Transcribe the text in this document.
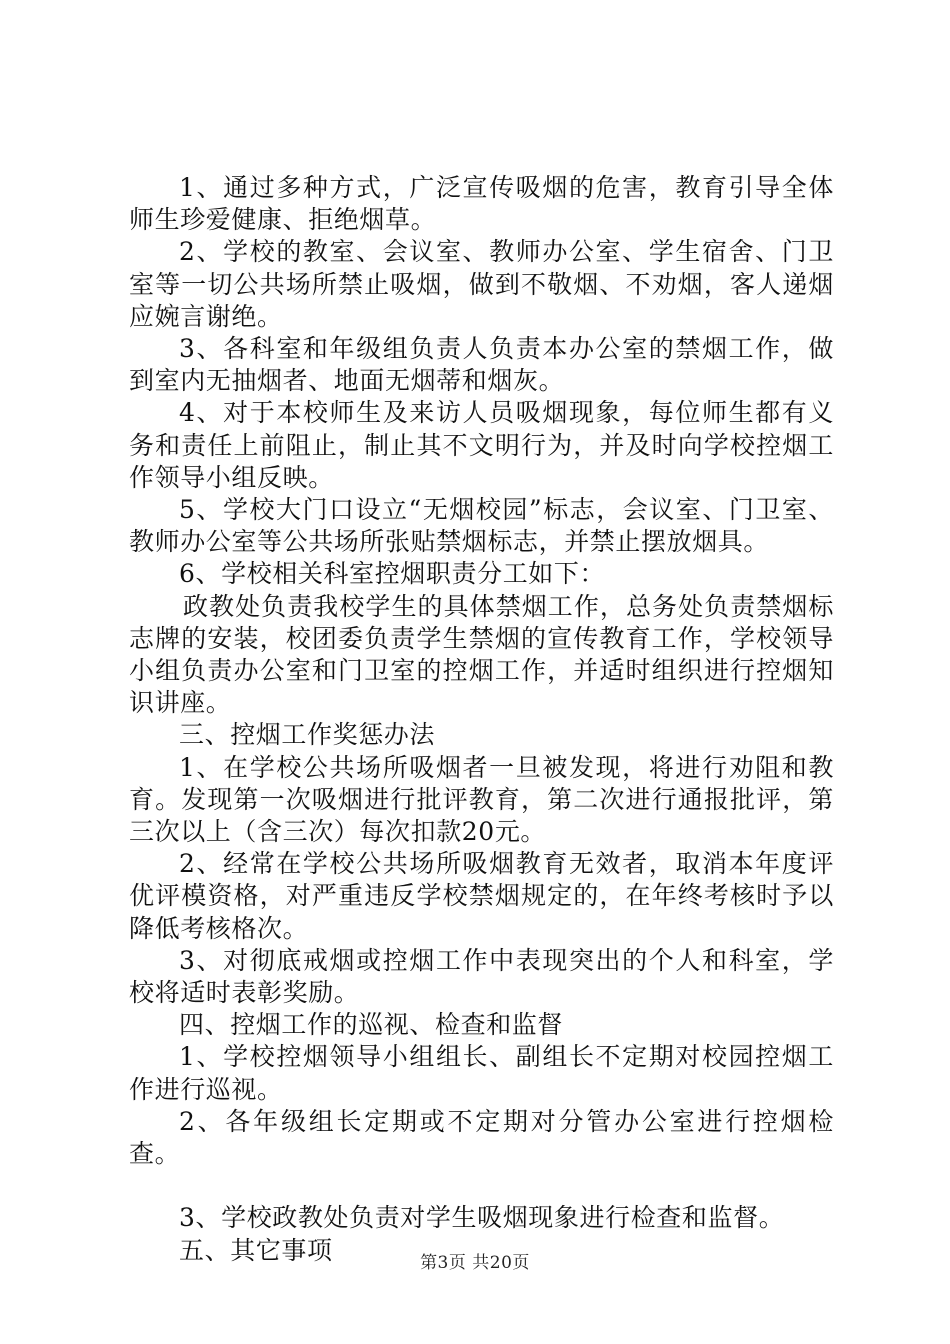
1、通过多种方式，广泛宣传吸烟的危害，教育引导全体师生珍爱健康、拒绝烟草。

2、学校的教室、会议室、教师办公室、学生宿舍、门卫室等一切公共场所禁止吸烟，做到不敬烟、不劝烟，客人递烟应婉言谢绝。

3、各科室和年级组负责人负责本办公室的禁烟工作，做到室内无抽烟者、地面无烟蒂和烟灰。

4、对于本校师生及来访人员吸烟现象，每位师生都有义务和责任上前阻止，制止其不文明行为，并及时向学校控烟工作领导小组反映。

5、学校大门口设立“无烟校园”标志，会议室、门卫室、教师办公室等公共场所张贴禁烟标志，并禁止摆放烟具。

6、学校相关科室控烟职责分工如下：

政教处负责我校学生的具体禁烟工作，总务处负责禁烟标志牌的安装，校团委负责学生禁烟的宣传教育工作，学校领导小组负责办公室和门卫室的控烟工作，并适时组织进行控烟知识讲座。

三、控烟工作奖惩办法

1、在学校公共场所吸烟者一旦被发现，将进行劝阻和教育。发现第一次吸烟进行批评教育，第二次进行通报批评，第三次以上（含三次）每次扣款20元。

2、经常在学校公共场所吸烟教育无效者，取消本年度评优评模资格，对严重违反学校禁烟规定的，在年终考核时予以降低考核格次。

3、对彻底戒烟或控烟工作中表现突出的个人和科室，学校将适时表彰奖励。

四、控烟工作的巡视、检查和监督

1、学校控烟领导小组组长、副组长不定期对校园控烟工作进行巡视。

2、各年级组长定期或不定期对分管办公室进行控烟检查。

3、学校政教处负责对学生吸烟现象进行检查和监督。

五、其它事项	第3页 共20页
